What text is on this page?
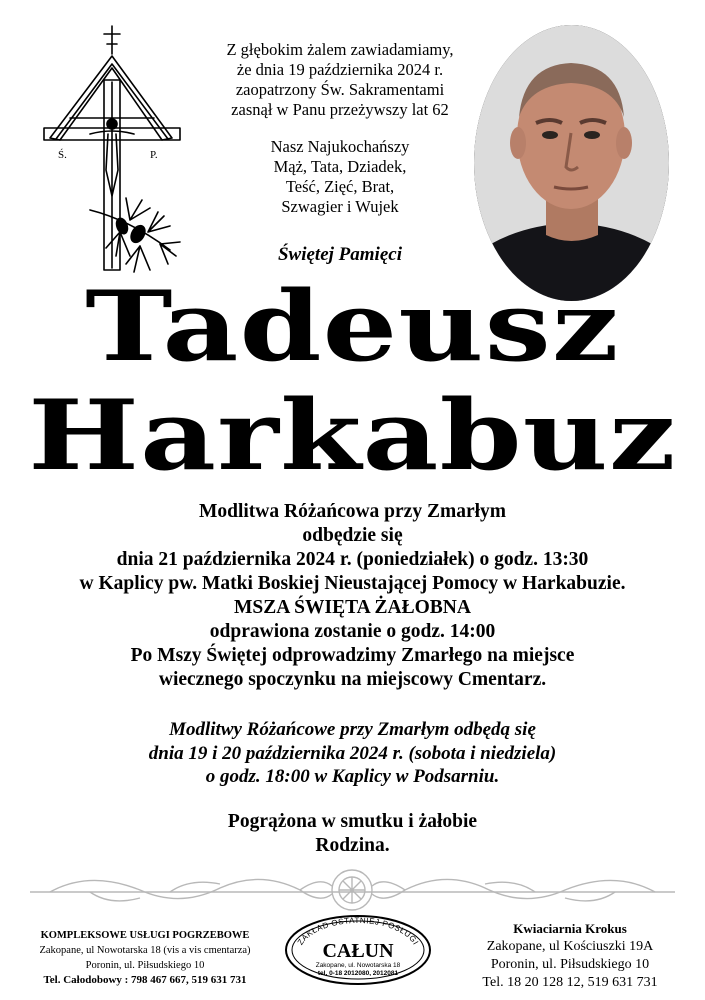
Ś.	P.

Z głębokim żalem zawiadamiamy,

że dnia 19 października 2024 r.

zaopatrzony Św. Sakramentami

zasnął w Panu przeżywszy lat 62

Nasz Najukochańszy

Mąż, Tata, Dziadek,

Teść, Zięć, Brat,

Szwagier i Wujek

Świętej Pamięci
Tadeusz
Harkabuz

Modlitwa Różańcowa przy Zmarłym

odbędzie się

dnia 21 października 2024 r. (poniedziałek) o godz. 13:30

w Kaplicy pw. Matki Boskiej Nieustającej Pomocy w Harkabuzie.

MSZA ŚWIĘTA ŻAŁOBNA

odprawiona zostanie o godz. 14:00

Po Mszy Świętej odprowadzimy Zmarłego na miejsce

wiecznego spoczynku na miejscowy Cmentarz.

Modlitwy Różańcowe przy Zmarłym odbędą się

dnia 19 i 20 października 2024 r. (sobota i niedziela)

o godz. 18:00 w Kaplicy w Podsarniu.

Pogrążona w smutku i żałobie

Rodzina.

KOMPLEKSOWE USŁUGI POGRZEBOWE

Zakopane, ul Nowotarska 18 (vis a vis cmentarza)

Poronin, ul. Piłsudskiego 10

Tel. Całodobowy : 798 467 667, 519 631 731

ZAKŁAD OSTATNIEJ POSŁUGI
CAŁUN
Zakopane, ul. Nowotarska 18
tel. 0-18 2012080, 2012081

Kwiaciarnia Krokus

Zakopane, ul Kościuszki 19A

Poronin, ul. Piłsudskiego 10

Tel. 18 20 128 12, 519 631 731
